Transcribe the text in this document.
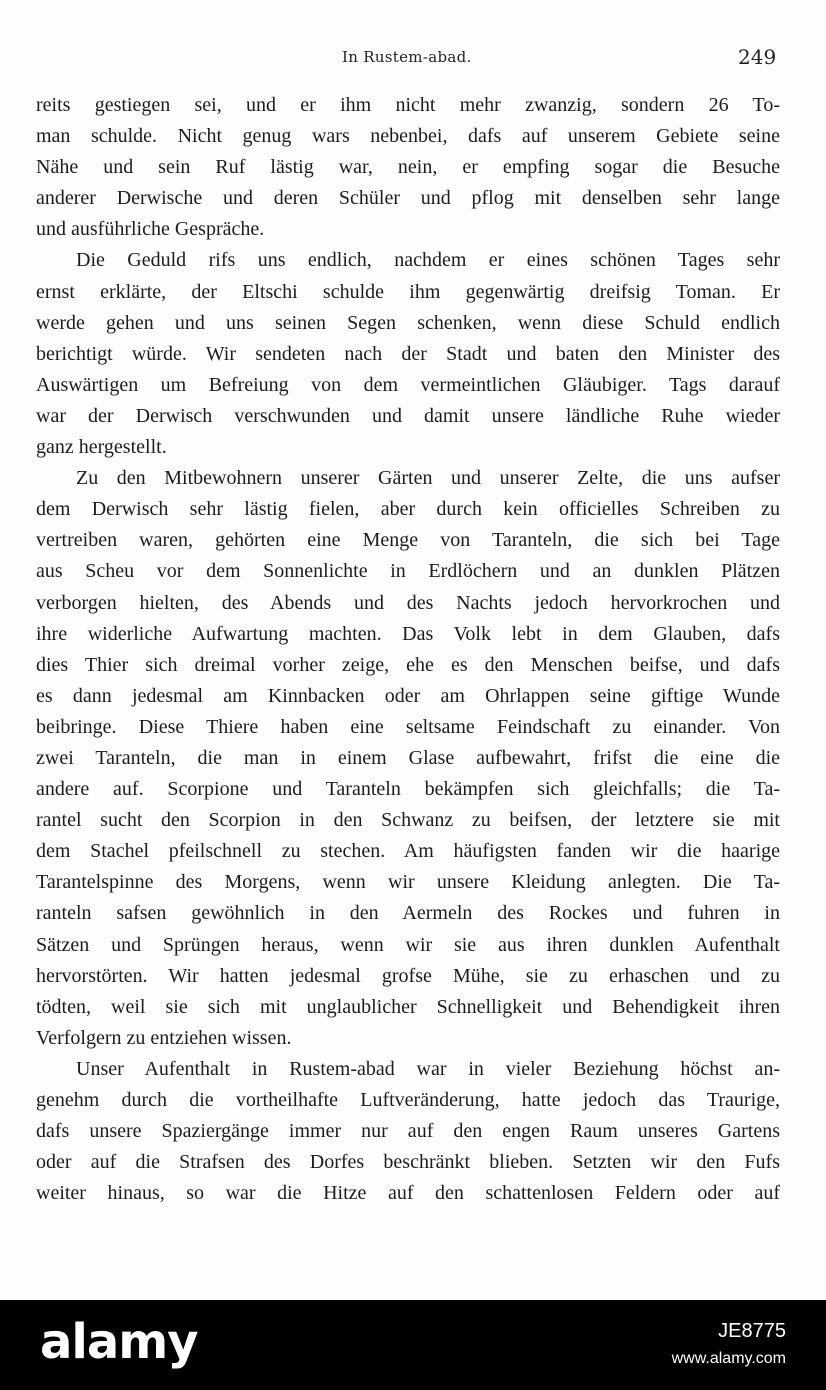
In Rustem-abad.	249
reits gestiegen sei, und er ihm nicht mehr zwanzig, sondern 26 To-
man schulde. Nicht genug wars nebenbei, dafs auf unserem Gebiete seine
Nähe und sein Ruf lästig war, nein, er empfing sogar die Besuche
anderer Derwische und deren Schüler und pflog mit denselben sehr lange
und ausführliche Gespräche.
Die Geduld rifs uns endlich, nachdem er eines schönen Tages sehr
ernst erklärte, der Eltschi schulde ihm gegenwärtig dreifsig Toman. Er
werde gehen und uns seinen Segen schenken, wenn diese Schuld endlich
berichtigt würde. Wir sendeten nach der Stadt und baten den Minister des
Auswärtigen um Befreiung von dem vermeintlichen Gläubiger. Tags darauf
war der Derwisch verschwunden und damit unsere ländliche Ruhe wieder
ganz hergestellt.
Zu den Mitbewohnern unserer Gärten und unserer Zelte, die uns aufser
dem Derwisch sehr lästig fielen, aber durch kein officielles Schreiben zu
vertreiben waren, gehörten eine Menge von Taranteln, die sich bei Tage
aus Scheu vor dem Sonnenlichte in Erdlöchern und an dunklen Plätzen
verborgen hielten, des Abends und des Nachts jedoch hervorkrochen und
ihre widerliche Aufwartung machten. Das Volk lebt in dem Glauben, dafs
dies Thier sich dreimal vorher zeige, ehe es den Menschen beifse, und dafs
es dann jedesmal am Kinnbacken oder am Ohrlappen seine giftige Wunde
beibringe. Diese Thiere haben eine seltsame Feindschaft zu einander. Von
zwei Taranteln, die man in einem Glase aufbewahrt, frifst die eine die
andere auf. Scorpione und Taranteln bekämpfen sich gleichfalls; die Ta-
rantel sucht den Scorpion in den Schwanz zu beifsen, der letztere sie mit
dem Stachel pfeilschnell zu stechen. Am häufigsten fanden wir die haarige
Tarantelspinne des Morgens, wenn wir unsere Kleidung anlegten. Die Ta-
ranteln safsen gewöhnlich in den Aermeln des Rockes und fuhren in
Sätzen und Sprüngen heraus, wenn wir sie aus ihren dunklen Aufenthalt
hervorstörten. Wir hatten jedesmal grofse Mühe, sie zu erhaschen und zu
tödten, weil sie sich mit unglaublicher Schnelligkeit und Behendigkeit ihren
Verfolgern zu entziehen wissen.
Unser Aufenthalt in Rustem-abad war in vieler Beziehung höchst an-
genehm durch die vortheilhafte Luftveränderung, hatte jedoch das Traurige,
dafs unsere Spaziergänge immer nur auf den engen Raum unseres Gartens
oder auf die Strafsen des Dorfes beschränkt blieben. Setzten wir den Fufs
weiter hinaus, so war die Hitze auf den schattenlosen Feldern oder auf
alamy	JE8775
www.alamy.com
